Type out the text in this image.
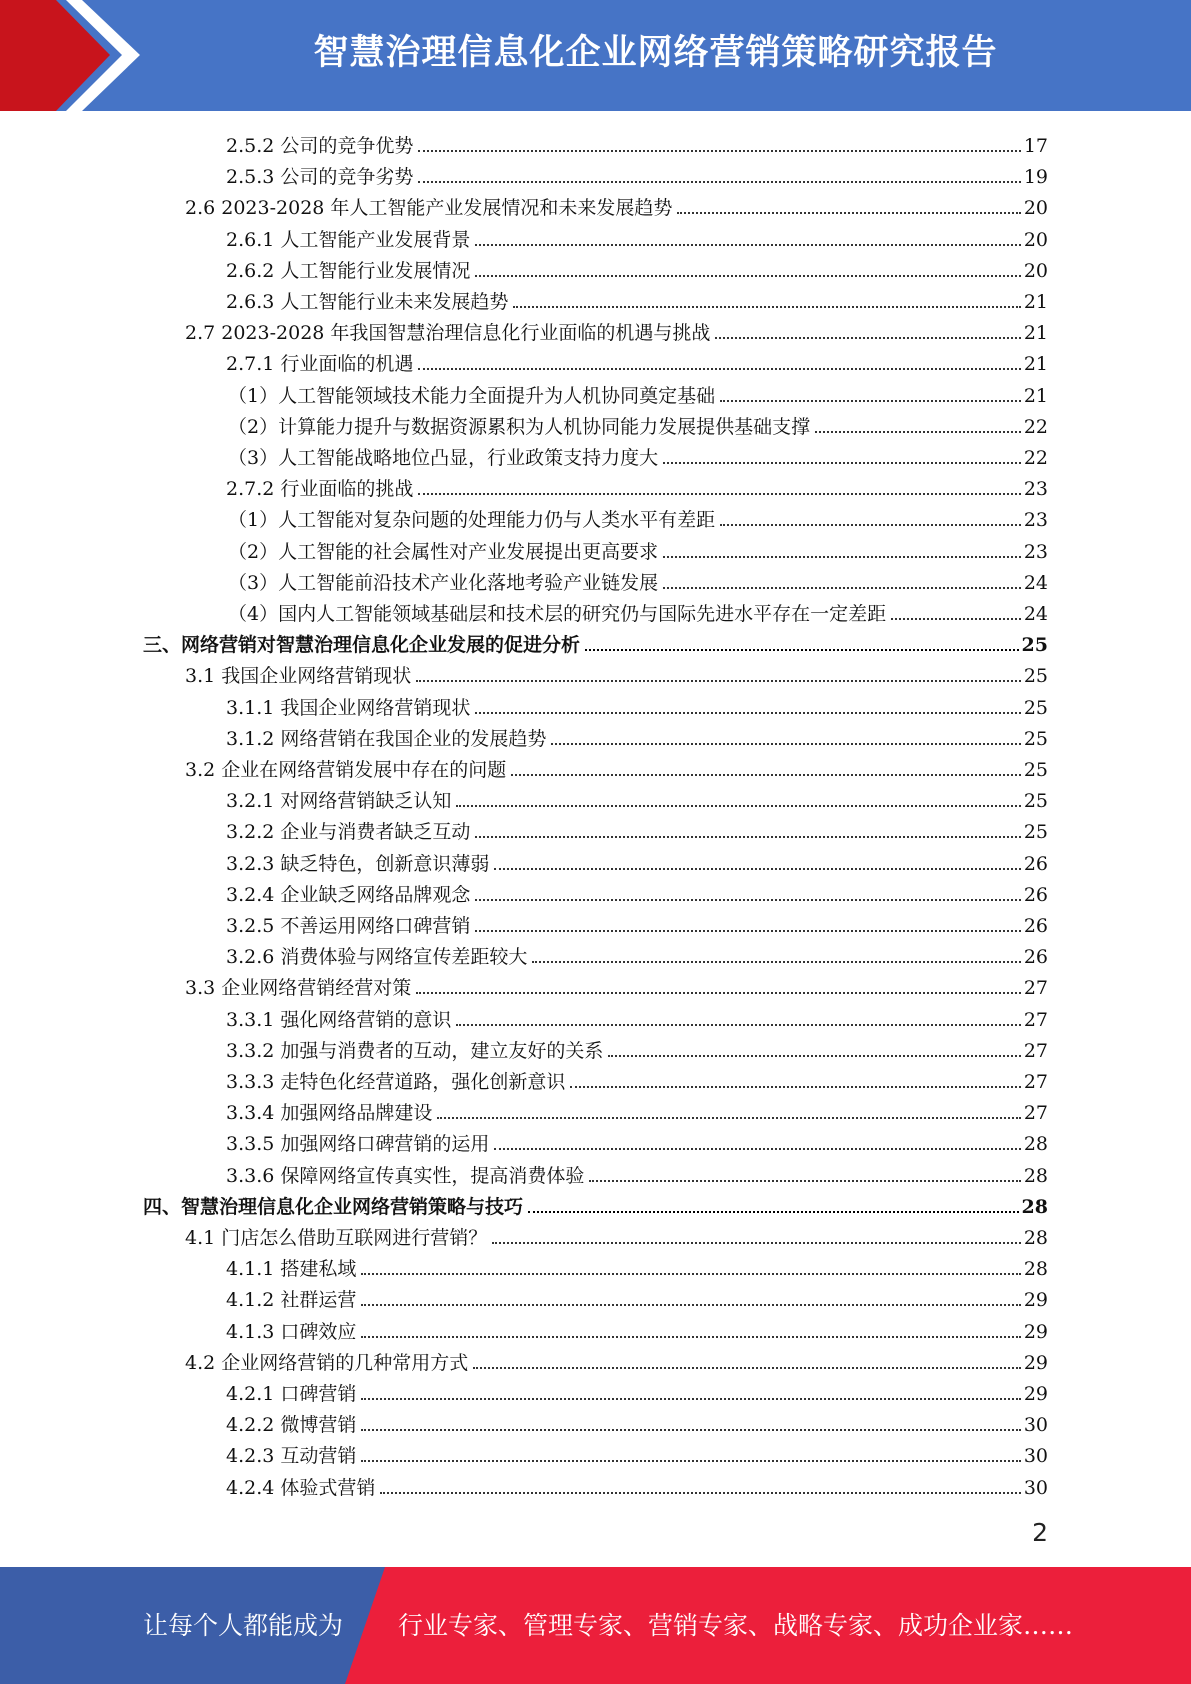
智慧治理信息化企业网络营销策略研究报告
2.5.2 公司的竞争优势	17
2.5.3 公司的竞争劣势	19
2.6 2023-2028 年人工智能产业发展情况和未来发展趋势	20
2.6.1 人工智能产业发展背景	20
2.6.2 人工智能行业发展情况	20
2.6.3 人工智能行业未来发展趋势	21
2.7 2023-2028 年我国智慧治理信息化行业面临的机遇与挑战	21
2.7.1 行业面临的机遇	21
（1）人工智能领域技术能力全面提升为人机协同奠定基础	21
（2）计算能力提升与数据资源累积为人机协同能力发展提供基础支撑	22
（3）人工智能战略地位凸显，行业政策支持力度大	22
2.7.2 行业面临的挑战	23
（1）人工智能对复杂问题的处理能力仍与人类水平有差距	23
（2）人工智能的社会属性对产业发展提出更高要求	23
（3）人工智能前沿技术产业化落地考验产业链发展	24
（4）国内人工智能领域基础层和技术层的研究仍与国际先进水平存在一定差距	24
三、网络营销对智慧治理信息化企业发展的促进分析	25
3.1 我国企业网络营销现状	25
3.1.1 我国企业网络营销现状	25
3.1.2 网络营销在我国企业的发展趋势	25
3.2 企业在网络营销发展中存在的问题	25
3.2.1 对网络营销缺乏认知	25
3.2.2 企业与消费者缺乏互动	25
3.2.3 缺乏特色，创新意识薄弱	26
3.2.4 企业缺乏网络品牌观念	26
3.2.5 不善运用网络口碑营销	26
3.2.6 消费体验与网络宣传差距较大	26
3.3 企业网络营销经营对策	27
3.3.1 强化网络营销的意识	27
3.3.2 加强与消费者的互动，建立友好的关系	27
3.3.3 走特色化经营道路，强化创新意识	27
3.3.4 加强网络品牌建设	27
3.3.5 加强网络口碑营销的运用	28
3.3.6 保障网络宣传真实性，提高消费体验	28
四、智慧治理信息化企业网络营销策略与技巧	28
4.1 门店怎么借助互联网进行营销？	28
4.1.1 搭建私域	28
4.1.2 社群运营	29
4.1.3 口碑效应	29
4.2 企业网络营销的几种常用方式	29
4.2.1 口碑营销	29
4.2.2 微博营销	30
4.2.3 互动营销	30
4.2.4 体验式营销	30
2
让每个人都能成为 行业专家、管理专家、营销专家、战略专家、成功企业家……
